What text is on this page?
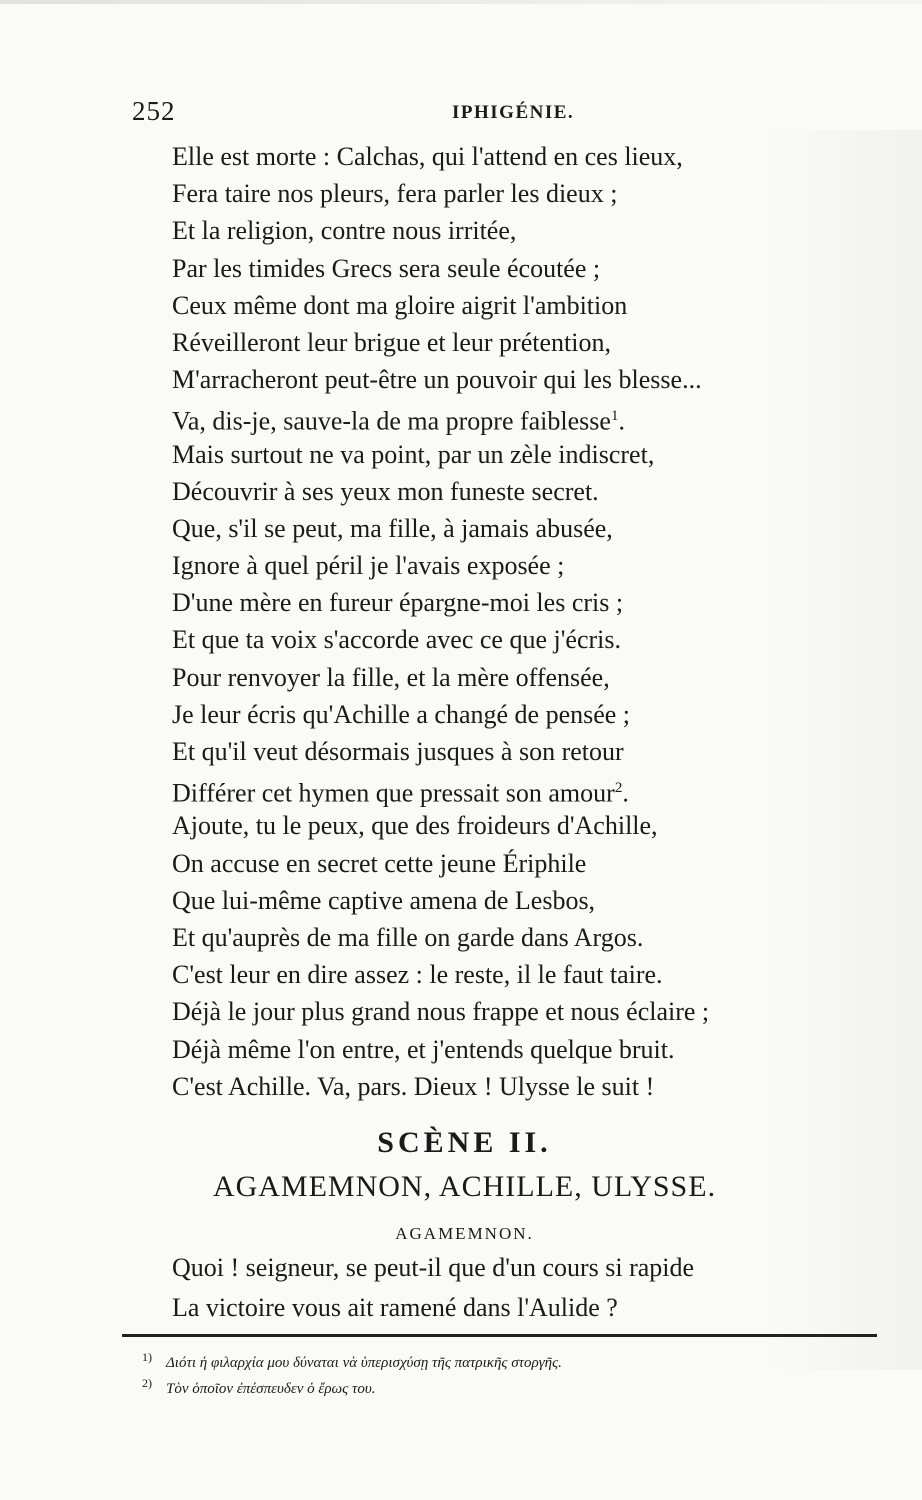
252	IPHIGÉNIE.
Elle est morte : Calchas, qui l'attend en ces lieux,
Fera taire nos pleurs, fera parler les dieux ;
Et la religion, contre nous irritée,
Par les timides Grecs sera seule écoutée ;
Ceux même dont ma gloire aigrit l'ambition
Réveilleront leur brigue et leur prétention,
M'arracheront peut-être un pouvoir qui les blesse...
Va, dis-je, sauve-la de ma propre faiblesse$^1$.
Mais surtout ne va point, par un zèle indiscret,
Découvrir à ses yeux mon funeste secret.
Que, s'il se peut, ma fille, à jamais abusée,
Ignore à quel péril je l'avais exposée ;
D'une mère en fureur épargne-moi les cris ;
Et que ta voix s'accorde avec ce que j'écris.
Pour renvoyer la fille, et la mère offensée,
Je leur écris qu'Achille a changé de pensée ;
Et qu'il veut désormais jusques à son retour
Différer cet hymen que pressait son amour$^2$.
Ajoute, tu le peux, que des froideurs d'Achille,
On accuse en secret cette jeune Ériphile
Que lui-même captive amena de Lesbos,
Et qu'auprès de ma fille on garde dans Argos.
C'est leur en dire assez : le reste, il le faut taire.
Déjà le jour plus grand nous frappe et nous éclaire ;
Déjà même l'on entre, et j'entends quelque bruit.
C'est Achille. Va, pars. Dieux ! Ulysse le suit !
SCÈNE II.
AGAMEMNON, ACHILLE, ULYSSE.
AGAMEMNON.
Quoi ! seigneur, se peut-il que d'un cours si rapide
La victoire vous ait ramené dans l'Aulide ?
$^{1)}$ Διότι ἡ φιλαρχία μου δύναται νὰ ὑπερισχύσῃ τῆς πατρικῆς στοργῆς.
$^{2)}$ Τὸν ὁποῖον ἐπέσπευδεν ὁ ἔρως του.
